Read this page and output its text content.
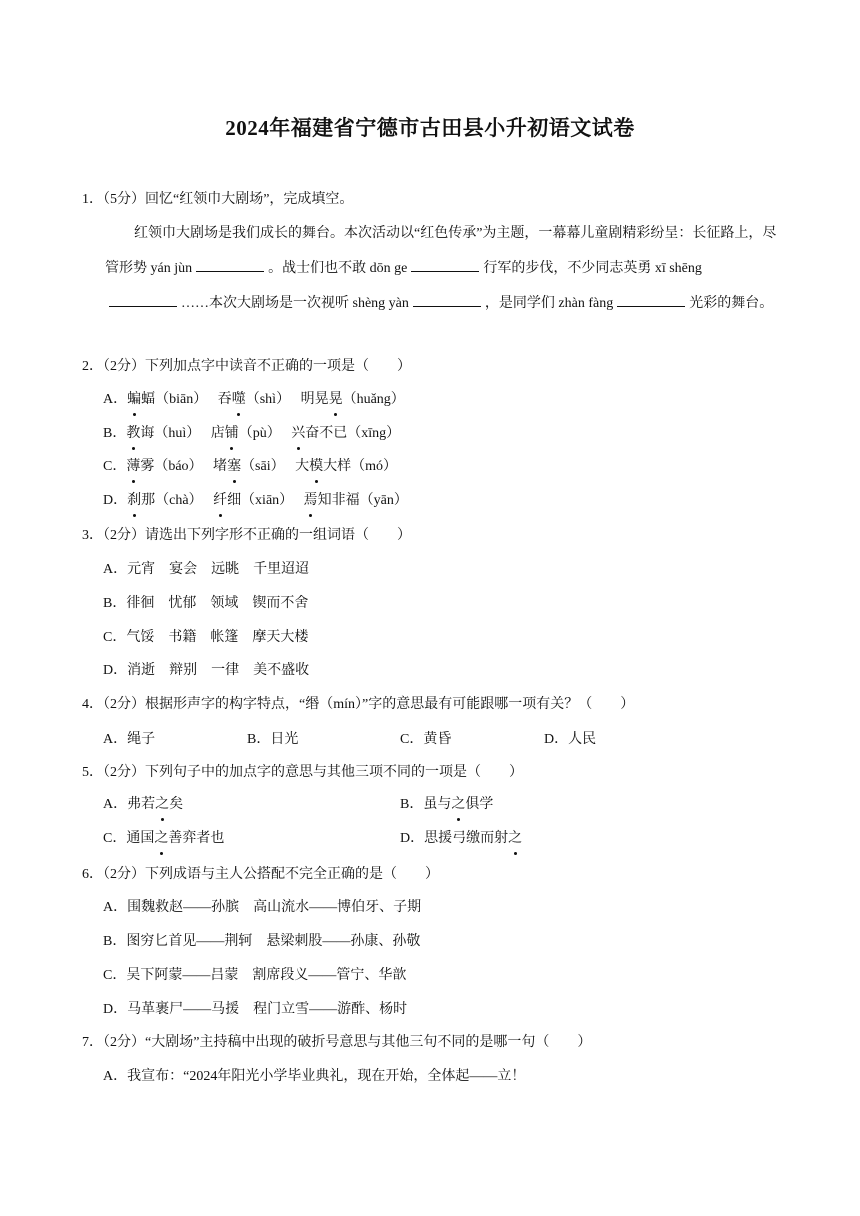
2024年福建省宁德市古田县小升初语文试卷
1．（5分）回忆“红领巾大剧场”，完成填空。
红领巾大剧场是我们成长的舞台。本次活动以“红色传承”为主题，一幕幕儿童剧精彩纷呈：长征路上，尽管形势 yán jùn	。战士们也不敢 dōn ge	行军的步伐，不少同志英勇 xī shēng……本次大剧场是一次视听 shèng yàn	，是同学们 zhàn fàng	光彩的舞台。
2．（2分）下列加点字中读音不正确的一项是（　　）
A．蝙蝠（biān）　 吞噬（shì）　 明晃晃（huǎng）
B．教诲（huì）　 店铺（pù）　 兴奋不已（xīng）
C．薄雾（báo）　 堵塞（sāi）　 大模大样（mó）
D．刹那（chà）　 纤细（xiān）　 焉知非福（yān）
3．（2分）请选出下列字形不正确的一组词语（　　）
A．元宵　宴会　远眺　千里迢迢
B．徘徊　忧郁　领域　锲而不舍
C．气馁　书籍　帐篷　摩天大楼
D．消逝　辩别　一律　美不盛收
4．（2分）根据形声字的构字特点，“缗（mín）”字的意思最有可能跟哪一项有关？（　　）
A．绳子	B．日光	C．黄昏	D．人民
5．（2分）下列句子中的加点字的意思与其他三项不同的一项是（　　）
A．弗若之矣	B．虽与之俱学
C．通国之善弈者也	D．思援弓缴而射之
6．（2分）下列成语与主人公搭配不完全正确的是（　　）
A．围魏救赵——孙膑　高山流水——博伯牙、子期
B．图穷匕首见——荆轲　悬梁刺股——孙康、孙敬
C．吴下阿蒙——吕蒙　割席段义——管宁、华歆
D．马革裹尸——马援　程门立雪——游酢、杨时
7．（2分）“大剧场”主持稿中出现的破折号意思与其他三句不同的是哪一句（　　）
A．我宣布：“2024年阳光小学毕业典礼，现在开始，全体起——立！
